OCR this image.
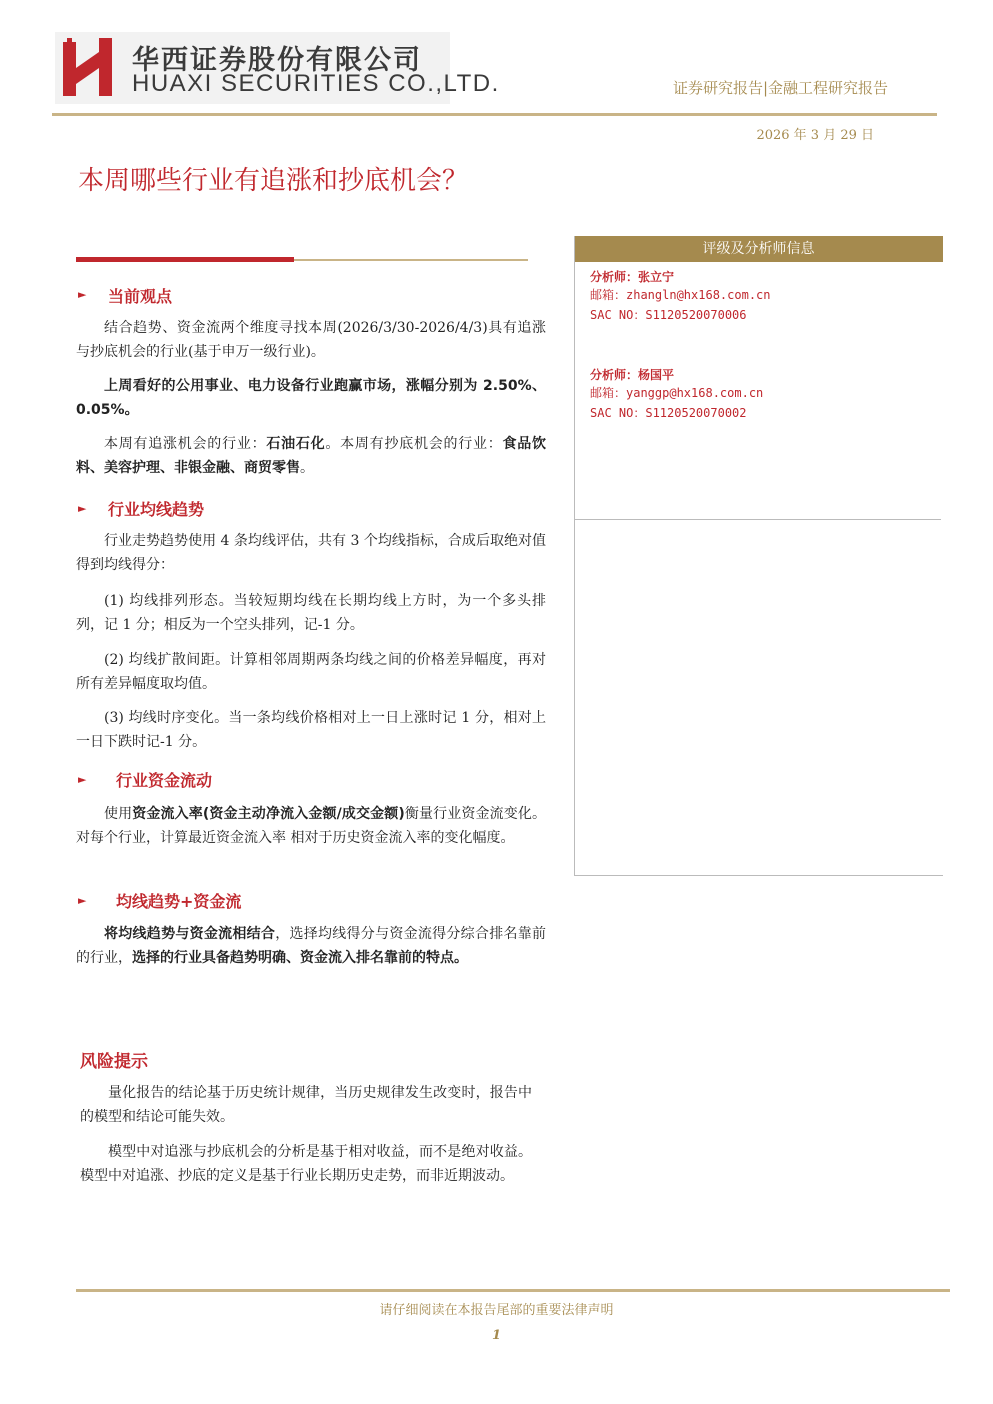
华西证券股份有限公司
HUAXI SECURITIES CO.,LTD.	证券研究报告|金融工程研究报告
2026 年 3 月 29 日
本周哪些行业有追涨和抄底机会？
► 当前观点
结合趋势、资金流两个维度寻找本周(2026/3/30-2026/4/3)具有追涨与抄底机会的行业(基于申万一级行业)。
上周看好的公用事业、电力设备行业跑赢市场，涨幅分别为 2.50%、0.05%。
本周有追涨机会的行业：石油石化。本周有抄底机会的行业：食品饮料、美容护理、非银金融、商贸零售。
► 行业均线趋势
行业走势趋势使用 4 条均线评估，共有 3 个均线指标，合成后取绝对值得到均线得分：
(1) 均线排列形态。当较短期均线在长期均线上方时，为一个多头排列，记 1 分；相反为一个空头排列，记-1 分。
(2) 均线扩散间距。计算相邻周期两条均线之间的价格差异幅度，再对所有差异幅度取均值。
(3) 均线时序变化。当一条均线价格相对上一日上涨时记 1 分，相对上一日下跌时记-1 分。
► 行业资金流动
使用资金流入率(资金主动净流入金额/成交金额)衡量行业资金流变化。对每个行业，计算最近资金流入率 相对于历史资金流入率的变化幅度。
► 均线趋势+资金流
将均线趋势与资金流相结合，选择均线得分与资金流得分综合排名靠前的行业，选择的行业具备趋势明确、资金流入排名靠前的特点。
风险提示
量化报告的结论基于历史统计规律，当历史规律发生改变时，报告中的模型和结论可能失效。
模型中对追涨与抄底机会的分析是基于相对收益，而不是绝对收益。模型中对追涨、抄底的定义是基于行业长期历史走势，而非近期波动。
评级及分析师信息
分析师：张立宁
邮箱：zhangln@hx168.com.cn
SAC NO：S1120520070006
分析师：杨国平
邮箱：yanggp@hx168.com.cn
SAC NO：S1120520070002
请仔细阅读在本报告尾部的重要法律声明
1
